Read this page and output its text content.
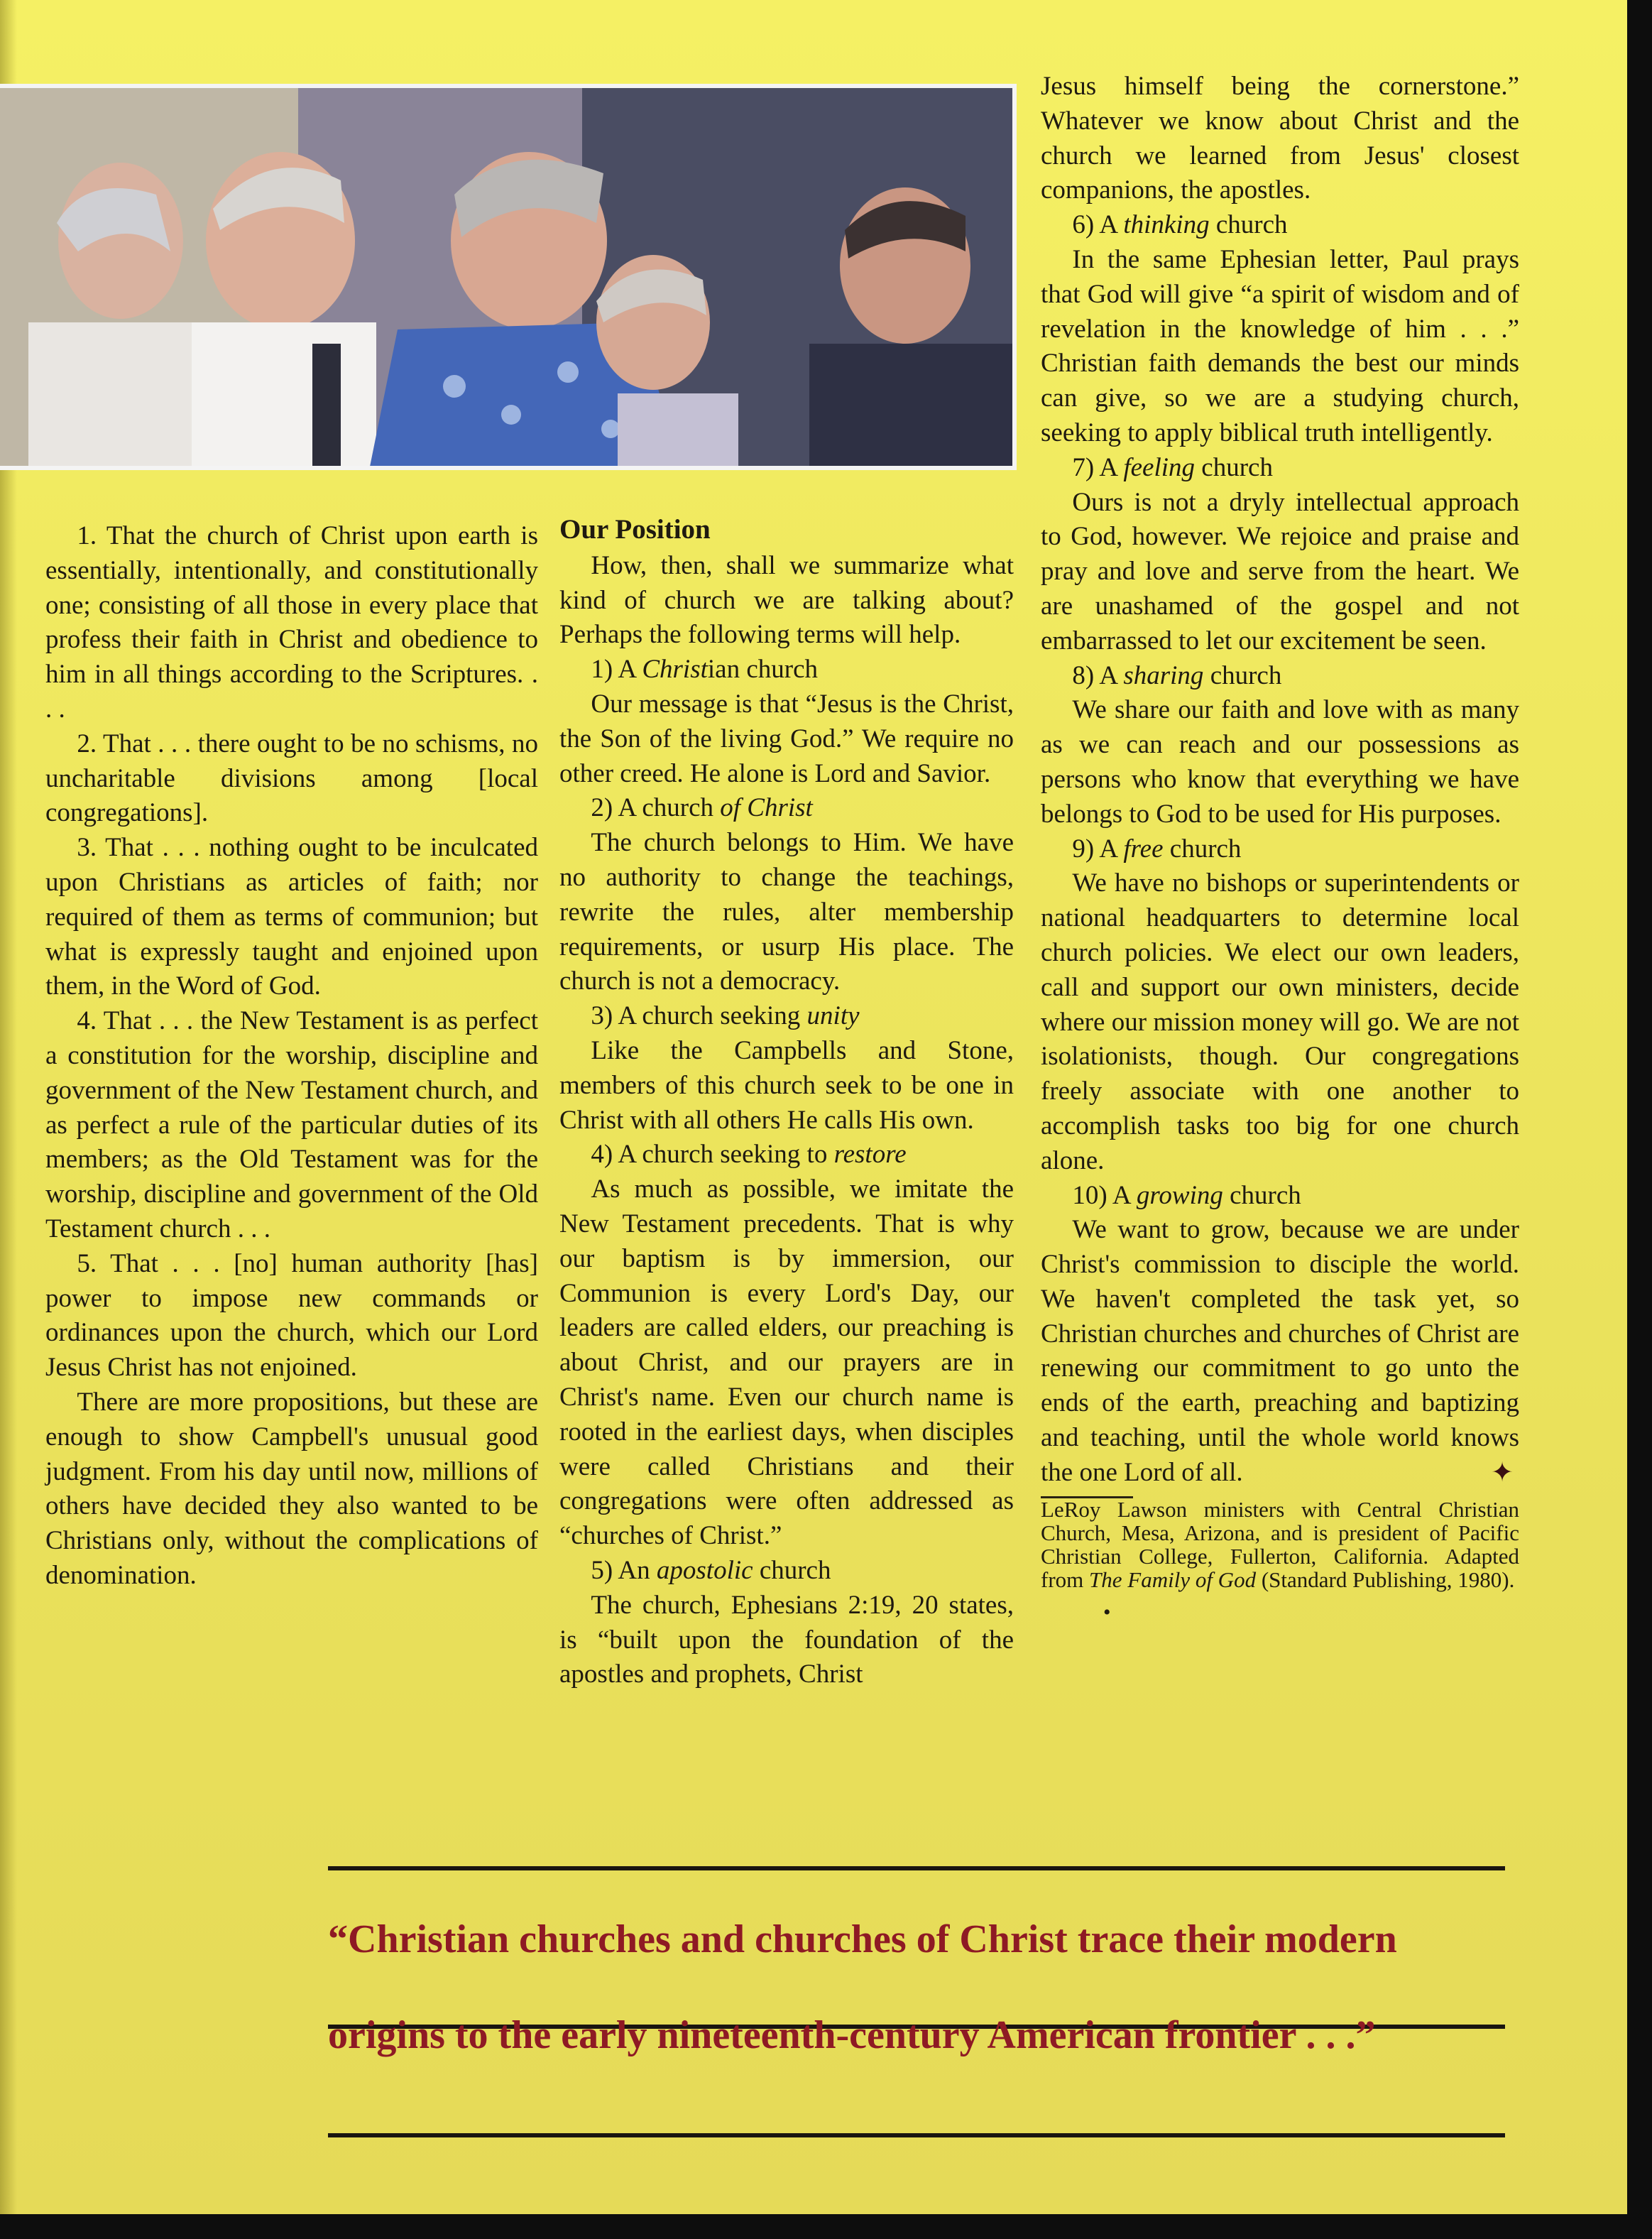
1. That the church of Christ upon earth is essentially, intentionally, and constitutionally one; consisting of all those in every place that profess their faith in Christ and obedience to him in all things according to the Scriptures. . . .

2. That . . . there ought to be no schisms, no uncharitable divisions among [local congregations].

3. That . . . nothing ought to be inculcated upon Christians as articles of faith; nor required of them as terms of communion; but what is expressly taught and enjoined upon them, in the Word of God.

4. That . . . the New Testament is as perfect a constitution for the worship, discipline and government of the New Testament church, and as perfect a rule of the particular duties of its members; as the Old Testament was for the worship, discipline and government of the Old Testament church . . .

5. That . . . [no] human authority [has] power to impose new commands or ordinances upon the church, which our Lord Jesus Christ has not enjoined.

There are more propositions, but these are enough to show Campbell's unusual good judgment. From his day until now, millions of others have decided they also wanted to be Christians only, without the complications of denomination.

Our Position

How, then, shall we summarize what kind of church we are talking about? Perhaps the following terms will help.

1) A Christian church

Our message is that “Jesus is the Christ, the Son of the living God.” We require no other creed. He alone is Lord and Savior.

2) A church of Christ

The church belongs to Him. We have no authority to change the teachings, rewrite the rules, alter membership requirements, or usurp His place. The church is not a democracy.

3) A church seeking unity

Like the Campbells and Stone, members of this church seek to be one in Christ with all others He calls His own.

4) A church seeking to restore

As much as possible, we imitate the New Testament precedents. That is why our baptism is by immersion, our Communion is every Lord's Day, our leaders are called elders, our preaching is about Christ, and our prayers are in Christ's name. Even our church name is rooted in the earliest days, when disciples were called Christians and their congregations were often addressed as “churches of Christ.”

5) An apostolic church

The church, Ephesians 2:19, 20 states, is “built upon the foundation of the apostles and prophets, Christ

Jesus himself being the cornerstone.” Whatever we know about Christ and the church we learned from Jesus' closest companions, the apostles.

6) A thinking church

In the same Ephesian letter, Paul prays that God will give “a spirit of wisdom and of revelation in the knowledge of him . . .” Christian faith demands the best our minds can give, so we are a studying church, seeking to apply biblical truth intelligently.

7) A feeling church

Ours is not a dryly intellectual approach to God, however. We rejoice and praise and pray and love and serve from the heart. We are unashamed of the gospel and not embarrassed to let our excitement be seen.

8) A sharing church

We share our faith and love with as many as we can reach and our possessions as persons who know that everything we have belongs to God to be used for His purposes.

9) A free church

We have no bishops or superintendents or national headquarters to determine local church policies. We elect our own leaders, call and support our own ministers, decide where our mission money will go. We are not isolationists, though. Our congregations freely associate with one another to accomplish tasks too big for one church alone.

10) A growing church

We want to grow, because we are under Christ's commission to disciple the world. We haven't completed the task yet, so Christian churches and churches of Christ are renewing our commitment to go unto the ends of the earth, preaching and baptizing and teaching, until the whole world knows the one Lord of all.	✦

LeRoy Lawson ministers with Central Christian Church, Mesa, Arizona, and is president of Pacific Christian College, Fullerton, California. Adapted from The Family of God (Standard Publishing, 1980).

•

“Christian churches and churches of Christ trace their modern
origins to the early nineteenth-century American frontier . . .”
